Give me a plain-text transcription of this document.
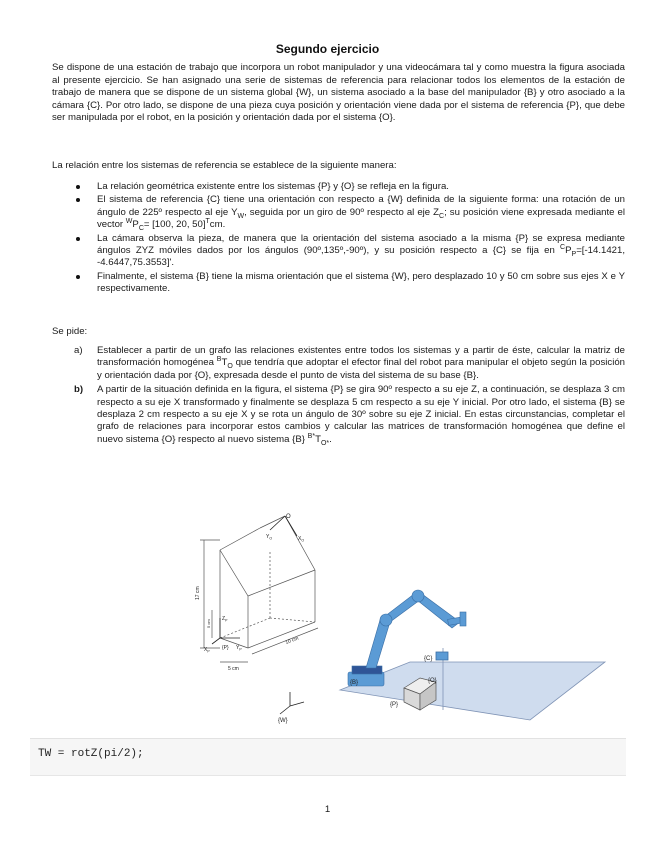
Segundo ejercicio
Se dispone de una estación de trabajo que incorpora un robot manipulador y una videocámara tal y como muestra la figura asociada al presente ejercicio. Se han asignado una serie de sistemas de referencia para relacionar todos los elementos de la estación de trabajo de manera que se dispone de un sistema global {W}, un sistema asociado a la base del manipulador {B} y otro asociado a la cámara {C}. Por otro lado, se dispone de una pieza cuya posición y orientación viene dada por el sistema de referencia {P}, que debe ser manipulada por el robot, en la posición y orientación dada por el sistema {O}.
La relación entre los sistemas de referencia se establece de la siguiente manera:
La relación geométrica existente entre los sistemas {P} y {O} se refleja en la figura.
El sistema de referencia {C} tiene una orientación con respecto a {W} definida de la siguiente forma: una rotación de un ángulo de 225º respecto al eje $Y_W$, seguida por un giro de 90º respecto al eje $Z_C$; su posición viene expresada mediante el vector $^WP_C= [100$, 20, 50]$^T$cm.
La cámara observa la pieza, de manera que la orientación del sistema asociado a la misma {P} se expresa mediante ángulos ZYZ móviles dados por los ángulos (90º,135º,-90º), y su posición respecto a {C} se fija en $^CP_P=[-14.1421$, -4.6447,75.3553]'.
Finalmente, el sistema {B} tiene la misma orientación que el sistema {W}, pero desplazado 10 y 50 cm sobre sus ejes X e Y respectivamente.
Se pide:
a) Establecer a partir de un grafo las relaciones existentes entre todos los sistemas y a partir de éste, calcular la matriz de transformación homogénea $^BT_O$ que tendría que adoptar el efector final del robot para manipular el objeto según la posición y orientación dada por {O}, expresada desde el punto de vista del sistema de su base {B}.
b) A partir de la situación definida en la figura, el sistema {P} se gira 90º respecto a su eje Z, a continuación, se desplaza 3 cm respecto a su eje X transformado y finalmente se desplaza 5 cm respecto a su eje Y inicial. Por otro lado, el sistema {B} se desplaza 2 cm respecto a su eje X y se rota un ángulo de 30º sobre su eje Z inicial. En estas circunstancias, completar el grafo de relaciones para incorporar estos cambios y calcular las matrices de transformación homogénea que define el nuevo sistema {O} respecto al nuevo sistema {B} $^{B*}T_{O*}$.
O
$Y_O$	$X_O$
17 cm
5 cm
10 cm
5 cm
$Z_P$
{P} $Y_P$
$X_P$
{C}
{O}
{P}
{B}
{W}
TW = rotZ(pi/2);
1
